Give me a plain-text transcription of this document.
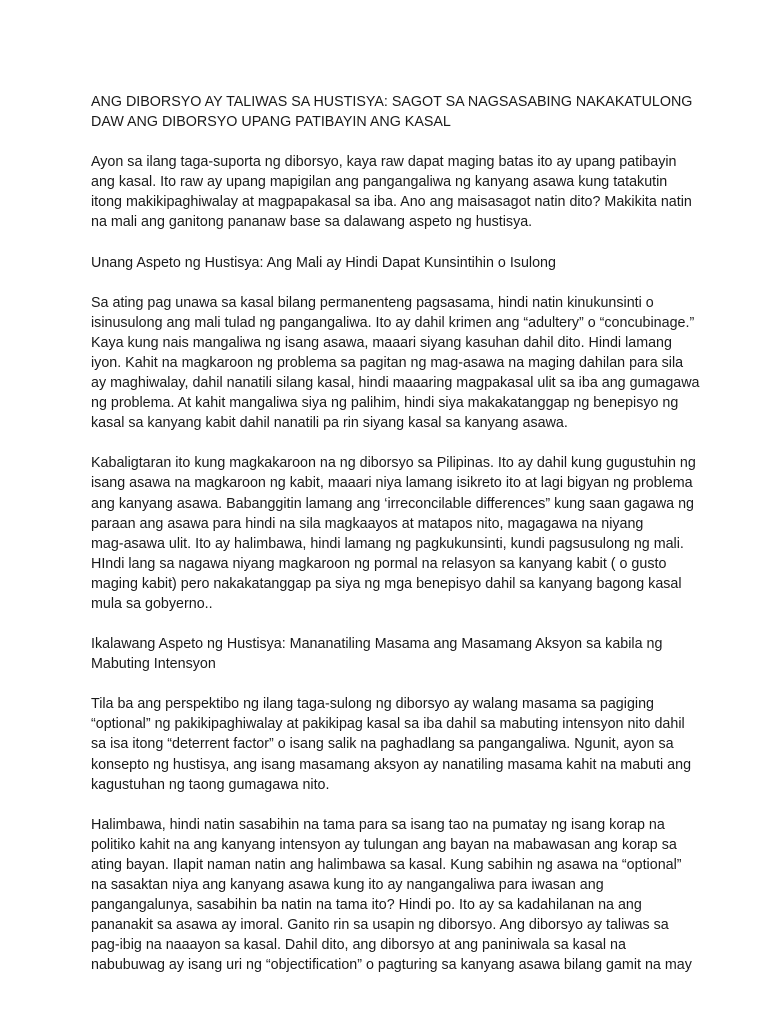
ANG DIBORSYO AY TALIWAS SA HUSTISYA: SAGOT SA NAGSASABING NAKAKATULONG
DAW ANG DIBORSYO UPANG PATIBAYIN ANG KASAL
Ayon sa ilang taga-suporta ng diborsyo, kaya raw dapat maging batas ito ay upang patibayin
ang kasal. Ito raw ay upang mapigilan ang pangangaliwa ng kanyang asawa kung tatakutin
itong makikipaghiwalay at magpapakasal sa iba. Ano ang maisasagot natin dito? Makikita natin
na mali ang ganitong pananaw base sa dalawang aspeto ng hustisya.
Unang Aspeto ng Hustisya: Ang Mali ay Hindi Dapat Kunsintihin o Isulong
Sa ating pag unawa sa kasal bilang permanenteng pagsasama, hindi natin kinukunsinti o
isinusulong ang mali tulad ng pangangaliwa. Ito ay dahil krimen ang “adultery” o “concubinage.”
Kaya kung nais mangaliwa ng isang asawa, maaari siyang kasuhan dahil dito. Hindi lamang
iyon. Kahit na magkaroon ng problema sa pagitan ng mag-asawa na maging dahilan para sila
ay maghiwalay, dahil nanatili silang kasal, hindi maaaring magpakasal ulit sa iba ang gumagawa
ng problema. At kahit mangaliwa siya ng palihim, hindi siya makakatanggap ng benepisyo ng
kasal sa kanyang kabit dahil nanatili pa rin siyang kasal sa kanyang asawa.
Kabaligtaran ito kung magkakaroon na ng diborsyo sa Pilipinas. Ito ay dahil kung gugustuhin ng
isang asawa na magkaroon ng kabit, maaari niya lamang isikreto ito at lagi bigyan ng problema
ang kanyang asawa. Babanggitin lamang ang ‘irreconcilable differences” kung saan gagawa ng
paraan ang asawa para hindi na sila magkaayos at matapos nito, magagawa na niyang
mag-asawa ulit. Ito ay halimbawa, hindi lamang ng pagkukunsinti, kundi pagsusulong ng mali.
HIndi lang sa nagawa niyang magkaroon ng pormal na relasyon sa kanyang kabit ( o gusto
maging kabit) pero nakakatanggap pa siya ng mga benepisyo dahil sa kanyang bagong kasal
mula sa gobyerno..
Ikalawang Aspeto ng Hustisya: Mananatiling Masama ang Masamang Aksyon sa kabila ng
Mabuting Intensyon
Tila ba ang perspektibo ng ilang taga-sulong ng diborsyo ay walang masama sa pagiging
“optional” ng pakikipaghiwalay at pakikipag kasal sa iba dahil sa mabuting intensyon nito dahil
sa isa itong “deterrent factor” o isang salik na paghadlang sa pangangaliwa. Ngunit, ayon sa
konsepto ng hustisya, ang isang masamang aksyon ay nanatiling masama kahit na mabuti ang
kagustuhan ng taong gumagawa nito.
Halimbawa, hindi natin sasabihin na tama para sa isang tao na pumatay ng isang korap na
politiko kahit na ang kanyang intensyon ay tulungan ang bayan na mabawasan ang korap sa
ating bayan. Ilapit naman natin ang halimbawa sa kasal. Kung sabihin ng asawa na “optional”
na sasaktan niya ang kanyang asawa kung ito ay nangangaliwa para iwasan ang
pangangalunya, sasabihin ba natin na tama ito? Hindi po. Ito ay sa kadahilanan na ang
pananakit sa asawa ay imoral. Ganito rin sa usapin ng diborsyo. Ang diborsyo ay taliwas sa
pag-ibig na naaayon sa kasal. Dahil dito, ang diborsyo at ang paniniwala sa kasal na
nabubuwag ay isang uri ng “objectification” o pagturing sa kanyang asawa bilang gamit na may
